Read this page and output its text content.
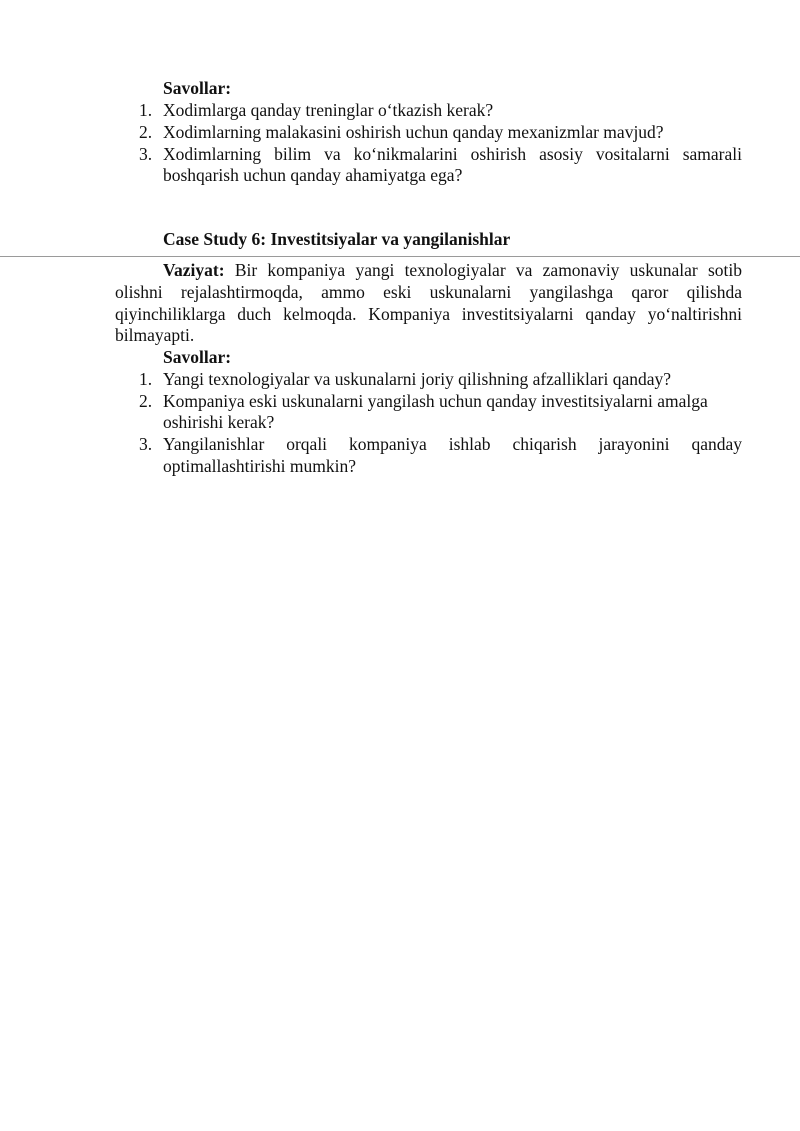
Savollar:
1. Xodimlarga qanday treninglar o‘tkazish kerak?
2. Xodimlarning malakasini oshirish uchun qanday mexanizmlar mavjud?
3. Xodimlarning bilim va ko‘nikmalarini oshirish asosiy vositalarni samarali
boshqarish uchun qanday ahamiyatga ega?
Case Study 6: Investitsiyalar va yangilanishlar
Vaziyat: Bir kompaniya yangi texnologiyalar va zamonaviy uskunalar sotib
olishni rejalashtirmoqda, ammo eski uskunalarni yangilashga qaror qilishda
qiyinchiliklarga duch kelmoqda. Kompaniya investitsiyalarni qanday yo‘naltirishni
bilmayapti.
Savollar:
1. Yangi texnologiyalar va uskunalarni joriy qilishning afzalliklari qanday?
2. Kompaniya eski uskunalarni yangilash uchun qanday investitsiyalarni amalga
oshirishi kerak?
3. Yangilanishlar orqali kompaniya ishlab chiqarish jarayonini qanday
optimallashtirishi mumkin?
